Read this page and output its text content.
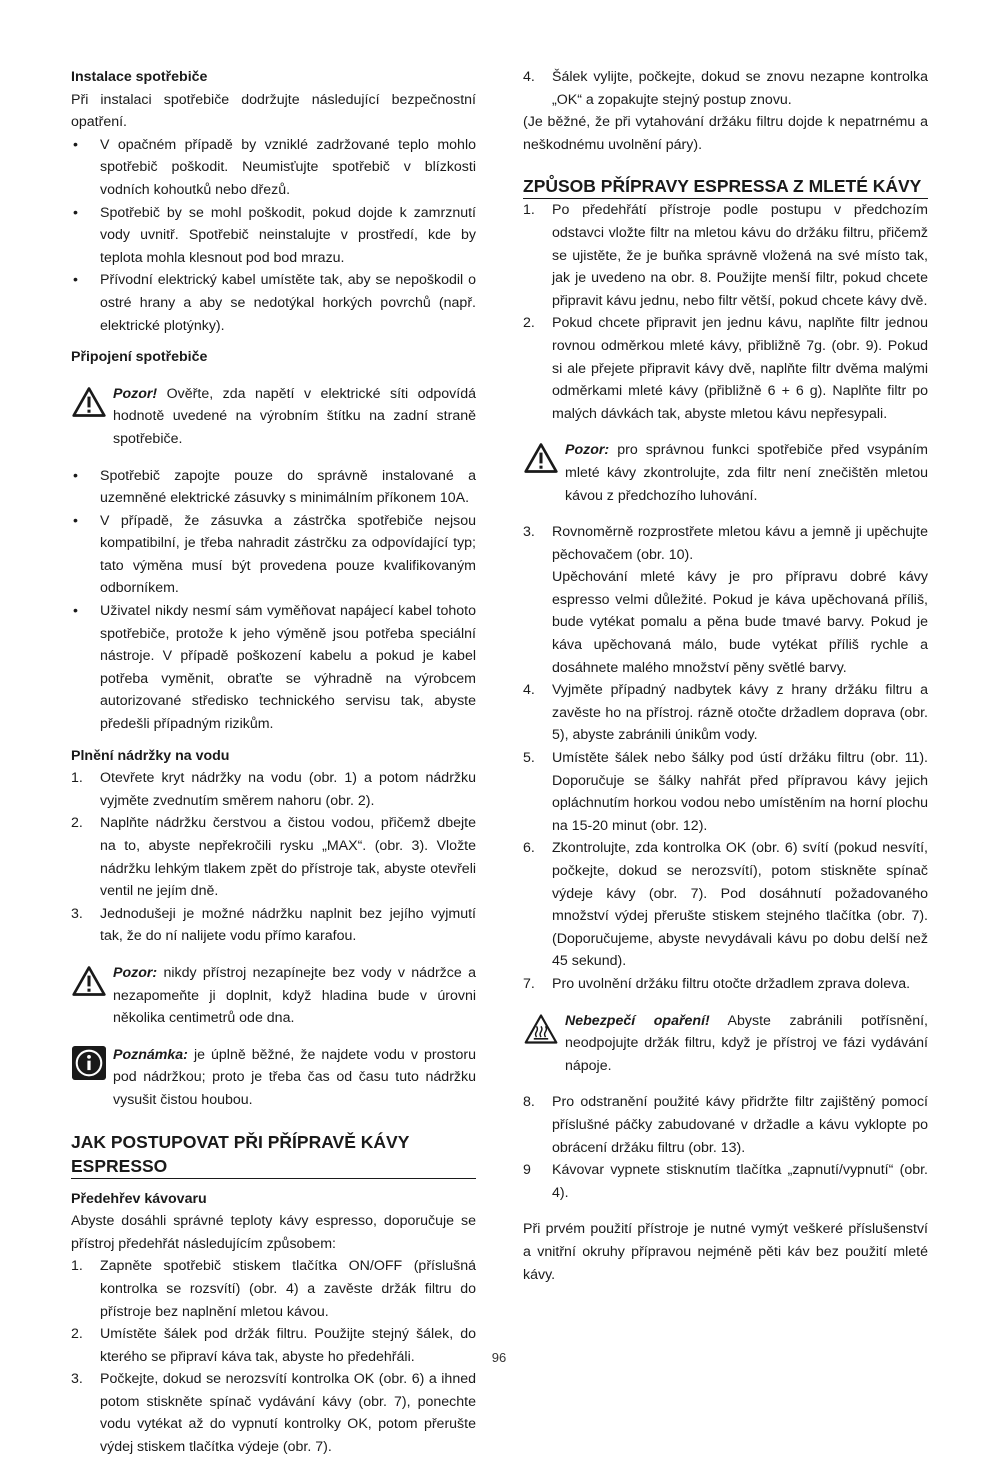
Instalace spotřebiče

Při instalaci spotřebiče dodržujte následující bezpečnostní opatření.

• V opačném případě by vzniklé zadržované teplo mohlo spotřebič poškodit. Neumisťujte spotřebič v blízkosti vodních kohoutků nebo dřezů.
• Spotřebič by se mohl poškodit, pokud dojde k zamrznutí vody uvnitř. Spotřebič neinstalujte v prostředí, kde by teplota mohla klesnout pod bod mrazu.
• Přívodní elektrický kabel umístěte tak, aby se nepoškodil o ostré hrany a aby se nedotýkal horkých povrchů (např. elektrické plotýnky).

Připojení spotřebiče

Pozor! Ověřte, zda napětí v elektrické síti odpovídá hodnotě uvedené na výrobním štítku na zadní straně spotřebiče.

• Spotřebič zapojte pouze do správně instalované a uzemněné elektrické zásuvky s minimálním příkonem 10A.
• V případě, že zásuvka a zástrčka spotřebiče nejsou kompatibilní, je třeba nahradit zástrčku za odpovídající typ; tato výměna musí být provedena pouze kvalifikovaným odborníkem.
• Uživatel nikdy nesmí sám vyměňovat napájecí kabel tohoto spotřebiče, protože k jeho výměně jsou potřeba speciální nástroje. V případě poškození kabelu a pokud je kabel potřeba vyměnit, obraťte se výhradně na výrobcem autorizované středisko technického servisu tak, abyste předešli případným rizikům.

Plnění nádržky na vodu

1. Otevřete kryt nádržky na vodu (obr. 1) a potom nádržku vyjměte zvednutím směrem nahoru (obr. 2).
2. Naplňte nádržku čerstvou a čistou vodou, přičemž dbejte na to, abyste nepřekročili rysku „MAX“. (obr. 3). Vložte nádržku lehkým tlakem zpět do přístroje tak, abyste otevřeli ventil ne jejím dně.
3. Jednodušeji je možné nádržku naplnit bez jejího vyjmutí tak, že do ní nalijete vodu přímo karafou.

Pozor: nikdy přístroj nezapínejte bez vody v nádržce a nezapomeňte ji doplnit, když hladina bude v úrovni několika centimetrů ode dna.

Poznámka: je úplně běžné, že najdete vodu v prostoru pod nádržkou; proto je třeba čas od času tuto nádržku vysušit čistou houbou.

JAK POSTUPOVAT PŘI PŘÍPRAVĚ KÁVY ESPRESSO

Předehřev kávovaru

Abyste dosáhli správné teploty kávy espresso, doporučuje se přístroj předehřát následujícím způsobem:

1. Zapněte spotřebič stiskem tlačítka ON/OFF (příslušná kontrolka se rozsvítí) (obr. 4) a zavěste držák filtru do přístroje bez naplnění mletou kávou.
2. Umístěte šálek pod držák filtru. Použijte stejný šálek, do kterého se připraví káva tak, abyste ho předehřáli.
3. Počkejte, dokud se nerozsvítí kontrolka OK (obr. 6) a ihned potom stiskněte spínač vydávání kávy (obr. 7), ponechte vodu vytékat až do vypnutí kontrolky OK, potom přerušte výdej stiskem tlačítka výdeje (obr. 7).
4. Šálek vylijte, počkejte, dokud se znovu nezapne kontrolka „OK“ a zopakujte stejný postup znovu.

(Je běžné, že při vytahování držáku filtru dojde k nepatrnému a neškodnému uvolnění páry).

ZPŮSOB PŘÍPRAVY ESPRESSA Z MLETÉ KÁVY
1. Po předehřátí přístroje podle postupu v předchozím odstavci vložte filtr na mletou kávu do držáku filtru, přičemž se ujistěte, že je buňka správně vložená na své místo tak, jak je uvedeno na obr. 8. Použijte menší filtr, pokud chcete připravit kávu jednu, nebo filtr větší, pokud chcete kávy dvě.
2. Pokud chcete připravit jen jednu kávu, naplňte filtr jednou rovnou odměrkou mleté kávy, přibližně 7g. (obr. 9). Pokud si ale přejete připravit kávy dvě, naplňte filtr dvěma malými odměrkami mleté kávy (přibližně 6 + 6 g). Naplňte filtr po malých dávkách tak, abyste mletou kávu nepřesypali.

Pozor: pro správnou funkci spotřebiče před vsypáním mleté kávy zkontrolujte, zda filtr není znečištěn mletou kávou z předchozího luhování.

3. Rovnoměrně rozprostřete mletou kávu a jemně ji upěchujte pěchovačem (obr. 10).
Upěchování mleté kávy je pro přípravu dobré kávy espresso velmi důležité. Pokud je káva upěchovaná příliš, bude vytékat pomalu a pěna bude tmavé barvy. Pokud je káva upěchovaná málo, bude vytékat příliš rychle a dosáhnete malého množství pěny světlé barvy.
4. Vyjměte případný nadbytek kávy z hrany držáku filtru a zavěste ho na přístroj. rázně otočte držadlem doprava (obr. 5), abyste zabránili únikům vody.
5. Umístěte šálek nebo šálky pod ústí držáku filtru (obr. 11). Doporučuje se šálky nahřát před přípravou kávy jejich opláchnutím horkou vodou nebo umístěním na horní plochu na 15-20 minut (obr. 12).
6. Zkontrolujte, zda kontrolka OK (obr. 6) svítí (pokud nesvítí, počkejte, dokud se nerozsvítí), potom stiskněte spínač výdeje kávy (obr. 7). Pod dosáhnutí požadovaného množství výdej přerušte stiskem stejného tlačítka (obr. 7). (Doporučujeme, abyste nevydávali kávu po dobu delší než 45 sekund).
7. Pro uvolnění držáku filtru otočte držadlem zprava doleva.

Nebezpečí opaření! Abyste zabránili potřísnění, neodpojujte držák filtru, když je přístroj ve fázi vydávání nápoje.

8. Pro odstranění použité kávy přidržte filtr zajištěný pomocí příslušné páčky zabudované v držadle a kávu vyklopte po obrácení držáku filtru (obr. 13).
9 Kávovar vypnete stisknutím tlačítka „zapnutí/vypnutí“ (obr. 4).

Při prvém použití přístroje je nutné vymýt veškeré příslušenství a vnitřní okruhy přípravou nejméně pěti káv bez použití mleté kávy.

96
